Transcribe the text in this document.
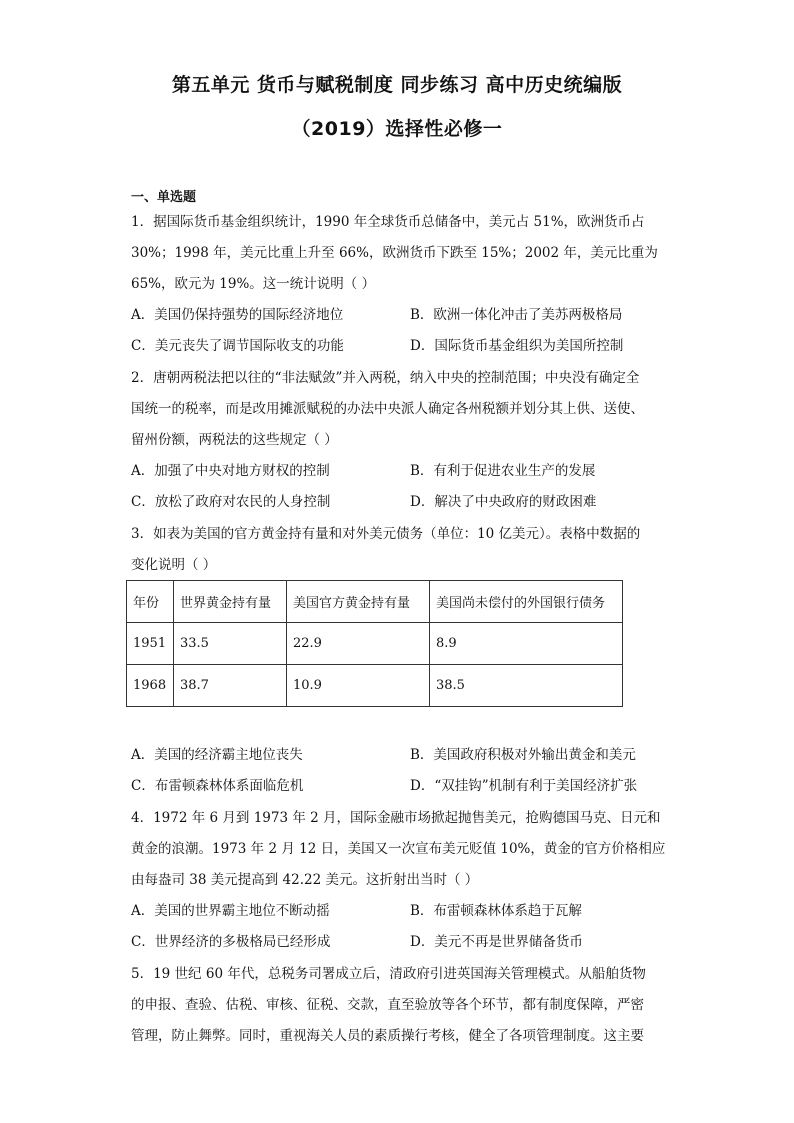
第五单元 货币与赋税制度 同步练习 高中历史统编版
（2019）选择性必修一
一、单选题
1．据国际货币基金组织统计，1990 年全球货币总储备中，美元占 51%，欧洲货币占
30%；1998 年，美元比重上升至 66%，欧洲货币下跌至 15%；2002 年，美元比重为
65%，欧元为 19%。这一统计说明（ ）
A．美国仍保持强势的国际经济地位	B．欧洲一体化冲击了美苏两极格局
C．美元丧失了调节国际收支的功能	D．国际货币基金组织为美国所控制
2．唐朝两税法把以往的“非法赋敛”并入两税，纳入中央的控制范围；中央没有确定全
国统一的税率，而是改用摊派赋税的办法中央派人确定各州税额并划分其上供、送使、
留州份额，两税法的这些规定（ ）
A．加强了中央对地方财权的控制	B．有利于促进农业生产的发展
C．放松了政府对农民的人身控制	D．解决了中央政府的财政困难
3．如表为美国的官方黄金持有量和对外美元债务（单位：10 亿美元）。表格中数据的
变化说明（ ）
年份	世界黄金持有量	美国官方黄金持有量	美国尚未偿付的外国银行债务
1951	33.5	22.9	8.9
1968	38.7	10.9	38.5
A．美国的经济霸主地位丧失	B．美国政府积极对外输出黄金和美元
C．布雷顿森林体系面临危机	D．“双挂钩”机制有利于美国经济扩张
4．1972 年 6 月到 1973 年 2 月，国际金融市场掀起抛售美元，抢购德国马克、日元和
黄金的浪潮。1973 年 2 月 12 日，美国又一次宣布美元贬值 10%，黄金的官方价格相应
由每盎司 38 美元提高到 42.22 美元。这折射出当时（ ）
A．美国的世界霸主地位不断动摇	B．布雷顿森林体系趋于瓦解
C．世界经济的多极格局已经形成	D．美元不再是世界储备货币
5．19 世纪 60 年代，总税务司署成立后，清政府引进英国海关管理模式。从船舶货物
的申报、查验、估税、审核、征税、交款，直至验放等各个环节，都有制度保障，严密
管理，防止舞弊。同时，重视海关人员的素质操行考核，健全了各项管理制度。这主要
